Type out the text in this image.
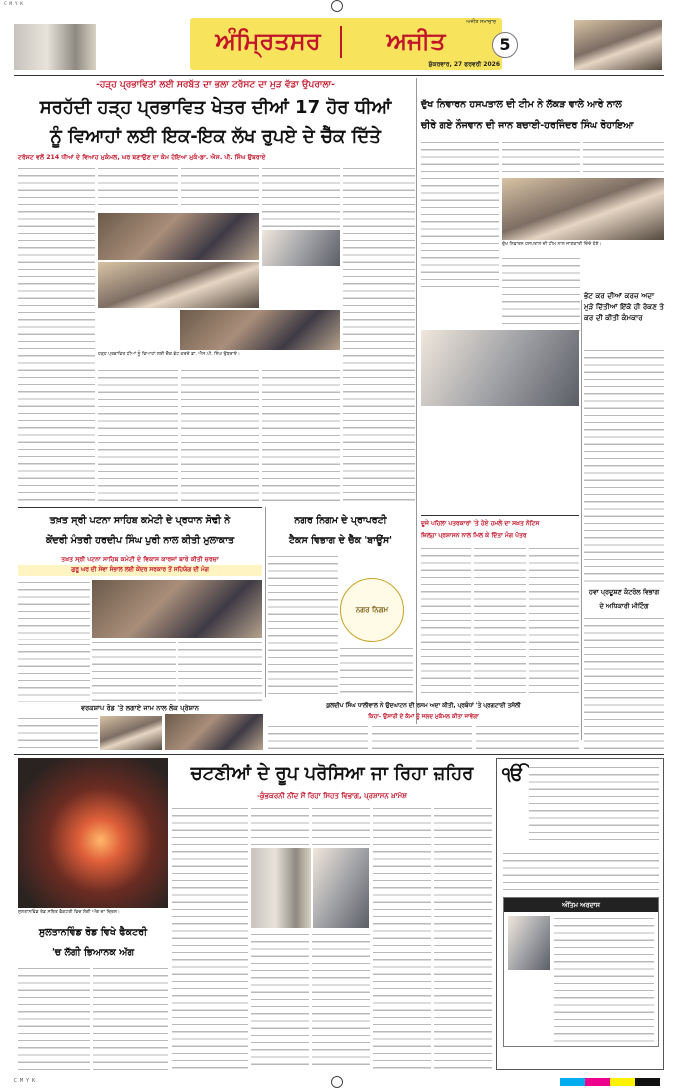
C M Y K
ਅੰਮ੍ਰਿਤਸਰ	ਅਜੀਤ
ਅਜੀਤ ਸਮਾਚਾਰ
ਸ਼ੁੱਕਰਵਾਰ, 27 ਫਰਵਰੀ 2026
5
-ਹੜ੍ਹ ਪ੍ਰਭਾਵਿਤਾਂ ਲਈ ਸਰਬੱਤ ਦਾ ਭਲਾ ਟਰੱਸਟ ਦਾ ਮੁੜ ਵੱਡਾ ਉਪਰਾਲਾ-
ਸਰਹੱਦੀ ਹੜ੍ਹ ਪ੍ਰਭਾਵਿਤ ਖੇਤਰ ਦੀਆਂ 17 ਹੋਰ ਧੀਆਂ
ਨੂੰ ਵਿਆਹਾਂ ਲਈ ਇਕ-ਇਕ ਲੱਖ ਰੁਪਏ ਦੇ ਚੈੱਕ ਦਿੱਤੇ
ਟਰੱਸਟ ਵਲੋਂ 214 ਧੀਆਂ ਦੇ ਵਿਆਹ ਮੁਕੰਮਲ, ਘਰ ਬਣਾਉਣ ਦਾ ਕੰਮ ਹੋਇਆ ਮੁਕੰ-ਡਾ. ਐਸ. ਪੀ. ਸਿੰਘ ਉਬਰਾਏ
ਹੜ੍ਹ ਪ੍ਰਭਾਵਿਤ ਧੀਆਂ ਨੂੰ ਵਿਆਹਾਂ ਲਈ ਚੈੱਕ ਭੇਟ ਕਰਦੇ ਡਾ. ਐਸ.ਪੀ. ਸਿੰਘ ਉਬਰਾਏ।
ਦੁੱਖ ਨਿਵਾਰਨ ਹਸਪਤਾਲ ਦੀ ਟੀਮ ਨੇ ਲੱਕੜ ਵਾਲੇ ਆਰੇ ਨਾਲ
ਚੀਰੇ ਗਏ ਨੌਜਵਾਨ ਦੀ ਜਾਨ ਬਚਾਈ-ਹਰਜਿੰਦਰ ਸਿੰਘ ਰੋਹਾਇਆ
ਦੁੱਖ ਨਿਵਾਰਨ ਹਸਪਤਾਲ ਦੀ ਟੀਮ ਨਾਲ ਜਾਣਕਾਰੀ ਦਿੰਦੇ ਹੋਏ।
ਭੇਟ ਕਰ ਦੀਆਂ ਕਰਜ਼ ਅਦਾ ਮੁੜੇ ਦਿੱਤੀਆਂ ਇੱਕੋ ਹੀ ਰੋਕਣ ਤੇ ਕਰ ਦੀ ਕੀਤੀ ਕੰਮਕਾਰ
ਤਖ਼ਤ ਸ੍ਰੀ ਪਟਨਾ ਸਾਹਿਬ ਕਮੇਟੀ ਦੇ ਪ੍ਰਧਾਨ ਸੋਢੀ ਨੇ
ਕੇਂਦਰੀ ਮੰਤਰੀ ਹਰਦੀਪ ਸਿੰਘ ਪੁਰੀ ਨਾਲ ਕੀਤੀ ਮੁਲਾਕਾਤ
ਤਖ਼ਤ ਸ੍ਰੀ ਪਟਨਾ ਸਾਹਿਬ ਕਮੇਟੀ ਦੇ ਵਿਕਾਸ ਕਾਰਜਾਂ ਬਾਰੇ ਕੀਤੀ ਚਰਚਾ
ਗੁਰੂ ਘਰ ਦੀ ਸੇਵਾ ਸੰਭਾਲ ਲਈ ਕੇਂਦਰ ਸਰਕਾਰ ਤੋਂ ਸਹਿਯੋਗ ਦੀ ਮੰਗ
ਨਗਰ ਨਿਗਮ ਦੇ ਪ੍ਰਾਪਰਟੀ
ਟੈਕਸ ਵਿਭਾਗ ਦੇ ਚੈੱਕ 'ਬਾਊਂਸ'
ਨਗਰ ਨਿਗਮ
ਦੂਜੇ ਪਹਿਲਾ ਪਤਰਕਾਰਾਂ 'ਤੇ ਹੋਏ ਹਮਲੇ ਦਾ ਸਖ਼ਤ ਨੋਟਿਸ
ਜ਼ਿਲ੍ਹਾ ਪ੍ਰਸ਼ਾਸਨ ਨਾਲ ਮਿਲ ਕੇ ਦਿੱਤਾ ਮੰਗ ਪੱਤਰ
ਹਵਾ ਪ੍ਰਦੂਸ਼ਣ ਕੰਟਰੋਲ ਵਿਭਾਗ
ਦੇ ਅਧਿਕਾਰੀ ਮੀਟਿੰਗ
ਵਰਕਸ਼ਾਪ ਰੋਡ 'ਤੇ ਲਗਾਏ ਜਾਮ ਨਾਲ ਲੋਕ ਪ੍ਰੇਸ਼ਾਨ	ਕੁਲਦੀਪ ਸਿੰਘ ਧਾਲੀਵਾਲ ਨੇ ਉਦਘਾਟਨ ਦੀ ਰਸਮ ਅਦਾ ਕੀਤੀ, ਪ੍ਰਬੰਧਾਂ 'ਤੇ ਪ੍ਰਗਟਾਈ ਤਸੱਲੀ
ਕਿਹਾ- ਉਸਾਰੀ ਦੇ ਕੰਮਾਂ ਨੂੰ ਜਲਦ ਮੁਕੰਮਲ ਕੀਤਾ ਜਾਵੇਗਾ
ਸੁਲਤਾਨਵਿੰਡ ਰੋਡ ਸਥਿਤ ਫੈਕਟਰੀ ਵਿਚ ਲੱਗੀ ਅੱਗ ਦਾ ਦ੍ਰਿਸ਼।
ਸੁਲਤਾਨਵਿੰਡ ਰੋਡ ਵਿਖੇ ਫੈਕਟਰੀ
'ਚ ਲੱਗੀ ਭਿਆਨਕ ਅੱਗ
ਚਟਣੀਆਂ ਦੇ ਰੂਪ ਪਰੋਸਿਆ ਜਾ ਰਿਹਾ ਜ਼ਹਿਰ
-ਕੁੰਭਕਰਨੀ ਨੀਂਦ ਸੌਂ ਰਿਹਾ ਸਿਹਤ ਵਿਭਾਗ, ਪ੍ਰਸ਼ਾਸਨ ਖ਼ਾਮੋਸ਼
ੴ
ਅੰਤਿਮ ਅਰਦਾਸ
C M Y K
